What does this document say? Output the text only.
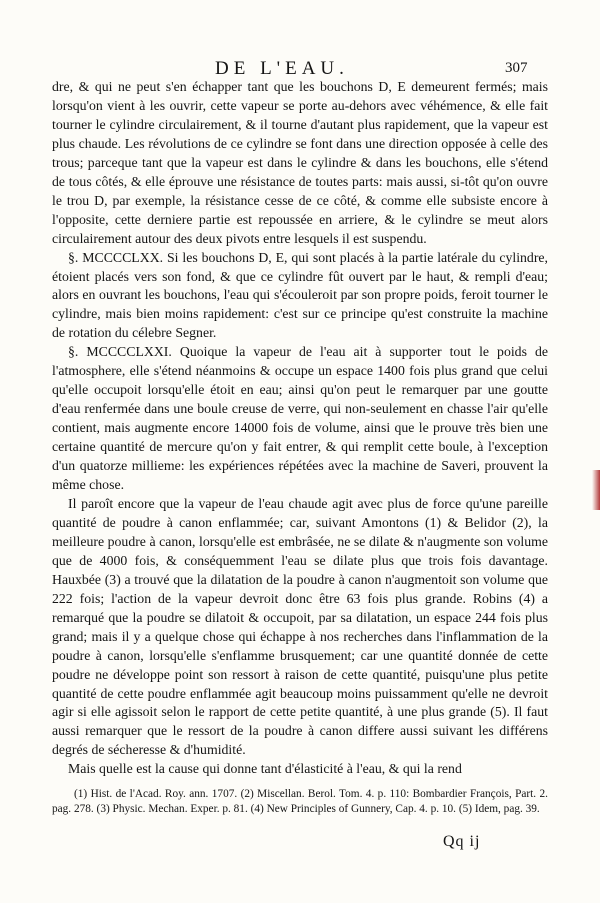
DE L'EAU.	307

dre, & qui ne peut s'en échapper tant que les bouchons D, E demeurent fermés; mais lorsqu'on vient à les ouvrir, cette vapeur se porte au-dehors avec véhémence, & elle fait tourner le cylindre circulairement, & il tourne d'autant plus rapidement, que la vapeur est plus chaude. Les révolutions de ce cylindre se font dans une direction opposée à celle des trous; parceque tant que la vapeur est dans le cylindre & dans les bouchons, elle s'étend de tous côtés, & elle éprouve une résistance de toutes parts: mais aussi, si-tôt qu'on ouvre le trou D, par exemple, la résistance cesse de ce côté, & comme elle subsiste encore à l'opposite, cette derniere partie est repoussée en arriere, & le cylindre se meut alors circulairement autour des deux pivots entre lesquels il est suspendu.

§. MCCCCLXX. Si les bouchons D, E, qui sont placés à la partie latérale du cylindre, étoient placés vers son fond, & que ce cylindre fût ouvert par le haut, & rempli d'eau; alors en ouvrant les bouchons, l'eau qui s'écouleroit par son propre poids, feroit tourner le cylindre, mais bien moins rapidement: c'est sur ce principe qu'est construite la machine de rotation du célebre Segner.

§. MCCCCLXXI. Quoique la vapeur de l'eau ait à supporter tout le poids de l'atmosphere, elle s'étend néanmoins & occupe un espace 1400 fois plus grand que celui qu'elle occupoit lorsqu'elle étoit en eau; ainsi qu'on peut le remarquer par une goutte d'eau renfermée dans une boule creuse de verre, qui non-seulement en chasse l'air qu'elle contient, mais augmente encore 14000 fois de volume, ainsi que le prouve très bien une certaine quantité de mercure qu'on y fait entrer, & qui remplit cette boule, à l'exception d'un quatorze millieme: les expériences répétées avec la machine de Saveri, prouvent la même chose.

Il paroît encore que la vapeur de l'eau chaude agit avec plus de force qu'une pareille quantité de poudre à canon enflammée; car, suivant Amontons (1) & Belidor (2), la meilleure poudre à canon, lorsqu'elle est embrâsée, ne se dilate & n'augmente son volume que de 4000 fois, & conséquemment l'eau se dilate plus que trois fois davantage. Hauxbée (3) a trouvé que la dilatation de la poudre à canon n'augmentoit son volume que 222 fois; l'action de la vapeur devroit donc être 63 fois plus grande. Robins (4) a remarqué que la poudre se dilatoit & occupoit, par sa dilatation, un espace 244 fois plus grand; mais il y a quelque chose qui échappe à nos recherches dans l'inflammation de la poudre à canon, lorsqu'elle s'enflamme brusquement; car une quantité donnée de cette poudre ne développe point son ressort à raison de cette quantité, puisqu'une plus petite quantité de cette poudre enflammée agit beaucoup moins puissamment qu'elle ne devroit agir si elle agissoit selon le rapport de cette petite quantité, à une plus grande (5). Il faut aussi remarquer que le ressort de la poudre à canon differe aussi suivant les différens degrés de sécheresse & d'humidité.

Mais quelle est la cause qui donne tant d'élasticité à l'eau, & qui la rend

(1) Hist. de l'Acad. Roy. ann. 1707. (2) Miscellan. Berol. Tom. 4. p. 110: Bombardier François, Part. 2. pag. 278. (3) Physic. Mechan. Exper. p. 81. (4) New Principles of Gunnery, Cap. 4. p. 10. (5) Idem, pag. 39.

Qq ij
